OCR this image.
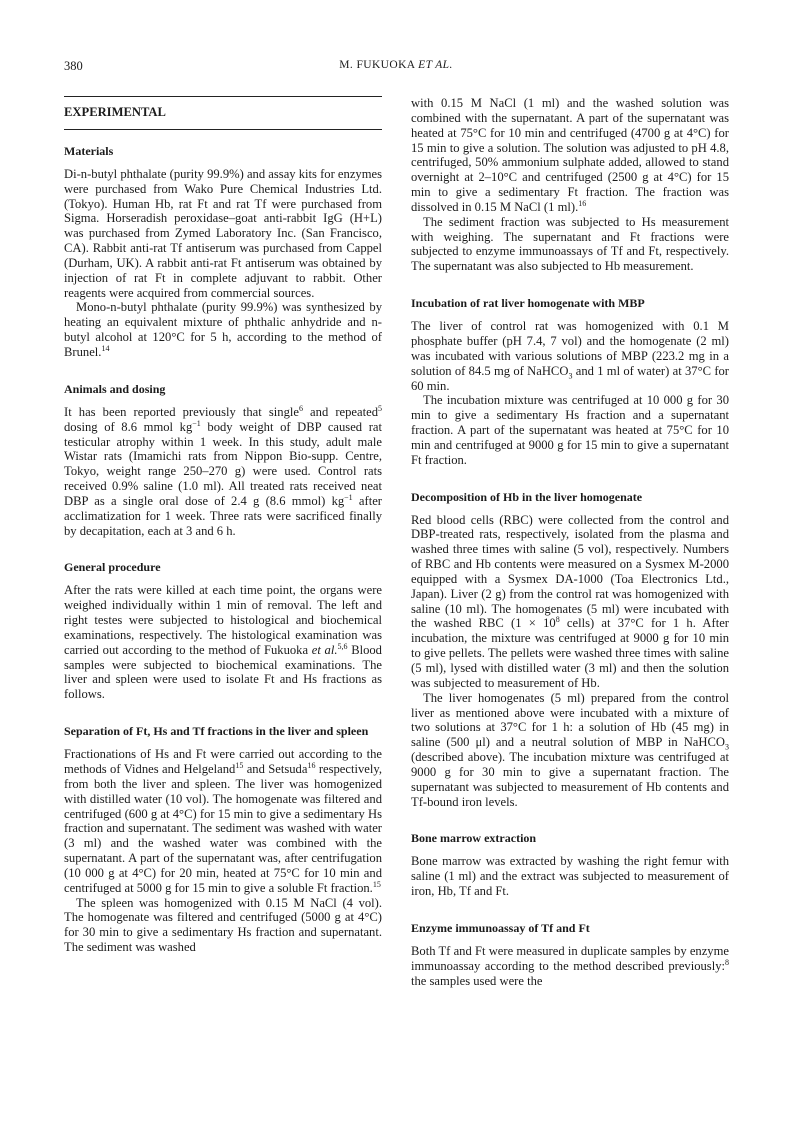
380	M. FUKUOKA ET AL.
EXPERIMENTAL
Materials

Di-n-butyl phthalate (purity 99.9%) and assay kits for enzymes were purchased from Wako Pure Chemical Industries Ltd. (Tokyo). Human Hb, rat Ft and rat Tf were purchased from Sigma. Horseradish peroxidase–goat anti-rabbit IgG (H+L) was purchased from Zymed Laboratory Inc. (San Francisco, CA). Rabbit anti-rat Tf antiserum was purchased from Cappel (Durham, UK). A rabbit anti-rat Ft antiserum was obtained by injection of rat Ft in complete adjuvant to rabbit. Other reagents were acquired from commercial sources.

Mono-n-butyl phthalate (purity 99.9%) was synthesized by heating an equivalent mixture of phthalic anhydride and n-butyl alcohol at 120°C for 5 h, according to the method of Brunel.$^{14}$

Animals and dosing

It has been reported previously that single$^6$ and repeated$^5$ dosing of 8.6 mmol $kg^{-1}$ body weight of DBP caused rat testicular atrophy within 1 week. In this study, adult male Wistar rats (Imamichi rats from Nippon Bio-supp. Centre, Tokyo, weight range 250–270 g) were used. Control rats received 0.9% saline (1.0 ml). All treated rats received neat DBP as a single oral dose of 2.4 g (8.6 mmol) $kg^{-1}$ after acclimatization for 1 week. Three rats were sacrificed finally by decapitation, each at 3 and 6 h.

General procedure

After the rats were killed at each time point, the organs were weighed individually within 1 min of removal. The left and right testes were subjected to histological and biochemical examinations, respectively. The histological examination was carried out according to the method of Fukuoka et al.$^{5,6}$ Blood samples were subjected to biochemical examinations. The liver and spleen were used to isolate Ft and Hs fractions as follows.

Separation of Ft, Hs and Tf fractions in the liver and spleen

Fractionations of Hs and Ft were carried out according to the methods of Vidnes and Helgeland$^{15}$ and Setsuda$^{16}$ respectively, from both the liver and spleen. The liver was homogenized with distilled water (10 vol). The homogenate was filtered and centrifuged (600 g at 4°C) for 15 min to give a sedimentary Hs fraction and supernatant. The sediment was washed with water (3 ml) and the washed water was combined with the supernatant. A part of the supernatant was, after centrifugation (10 000 g at 4°C) for 20 min, heated at 75°C for 10 min and centrifuged at 5000 g for 15 min to give a soluble Ft fraction.$^{15}$

The spleen was homogenized with 0.15 M NaCl (4 vol). The homogenate was filtered and centrifuged (5000 g at 4°C) for 30 min to give a sedimentary Hs fraction and supernatant. The sediment was washed

with 0.15 M NaCl (1 ml) and the washed solution was combined with the supernatant. A part of the supernatant was heated at 75°C for 10 min and centrifuged (4700 g at 4°C) for 15 min to give a solution. The solution was adjusted to pH 4.8, centrifuged, 50% ammonium sulphate added, allowed to stand overnight at 2–10°C and centrifuged (2500 g at 4°C) for 15 min to give a sedimentary Ft fraction. The fraction was dissolved in 0.15 M NaCl (1 ml).$^{16}$

The sediment fraction was subjected to Hs measurement with weighing. The supernatant and Ft fractions were subjected to enzyme immunoassays of Tf and Ft, respectively. The supernatant was also subjected to Hb measurement.

Incubation of rat liver homogenate with MBP

The liver of control rat was homogenized with 0.1 M phosphate buffer (pH 7.4, 7 vol) and the homogenate (2 ml) was incubated with various solutions of MBP (223.2 mg in a solution of 84.5 mg of NaHCO$_3$ and 1 ml of water) at 37°C for 60 min.

The incubation mixture was centrifuged at 10 000 g for 30 min to give a sedimentary Hs fraction and a supernatant fraction. A part of the supernatant was heated at 75°C for 10 min and centrifuged at 9000 g for 15 min to give a supernatant Ft fraction.

Decomposition of Hb in the liver homogenate

Red blood cells (RBC) were collected from the control and DBP-treated rats, respectively, isolated from the plasma and washed three times with saline (5 vol), respectively. Numbers of RBC and Hb contents were measured on a Sysmex M-2000 equipped with a Sysmex DA-1000 (Toa Electronics Ltd., Japan). Liver (2 g) from the control rat was homogenized with saline (10 ml). The homogenates (5 ml) were incubated with the washed RBC ($1 \times 10^8$ cells) at 37°C for 1 h. After incubation, the mixture was centrifuged at 9000 g for 10 min to give pellets. The pellets were washed three times with saline (5 ml), lysed with distilled water (3 ml) and then the solution was subjected to measurement of Hb.

The liver homogenates (5 ml) prepared from the control liver as mentioned above were incubated with a mixture of two solutions at 37°C for 1 h: a solution of Hb (45 mg) in saline (500 μl) and a neutral solution of MBP in NaHCO$_3$ (described above). The incubation mixture was centrifuged at 9000 g for 30 min to give a supernatant fraction. The supernatant was subjected to measurement of Hb contents and Tf-bound iron levels.

Bone marrow extraction

Bone marrow was extracted by washing the right femur with saline (1 ml) and the extract was subjected to measurement of iron, Hb, Tf and Ft.

Enzyme immunoassay of Tf and Ft

Both Tf and Ft were measured in duplicate samples by enzyme immunoassay according to the method described previously:$^8$ the samples used were the
